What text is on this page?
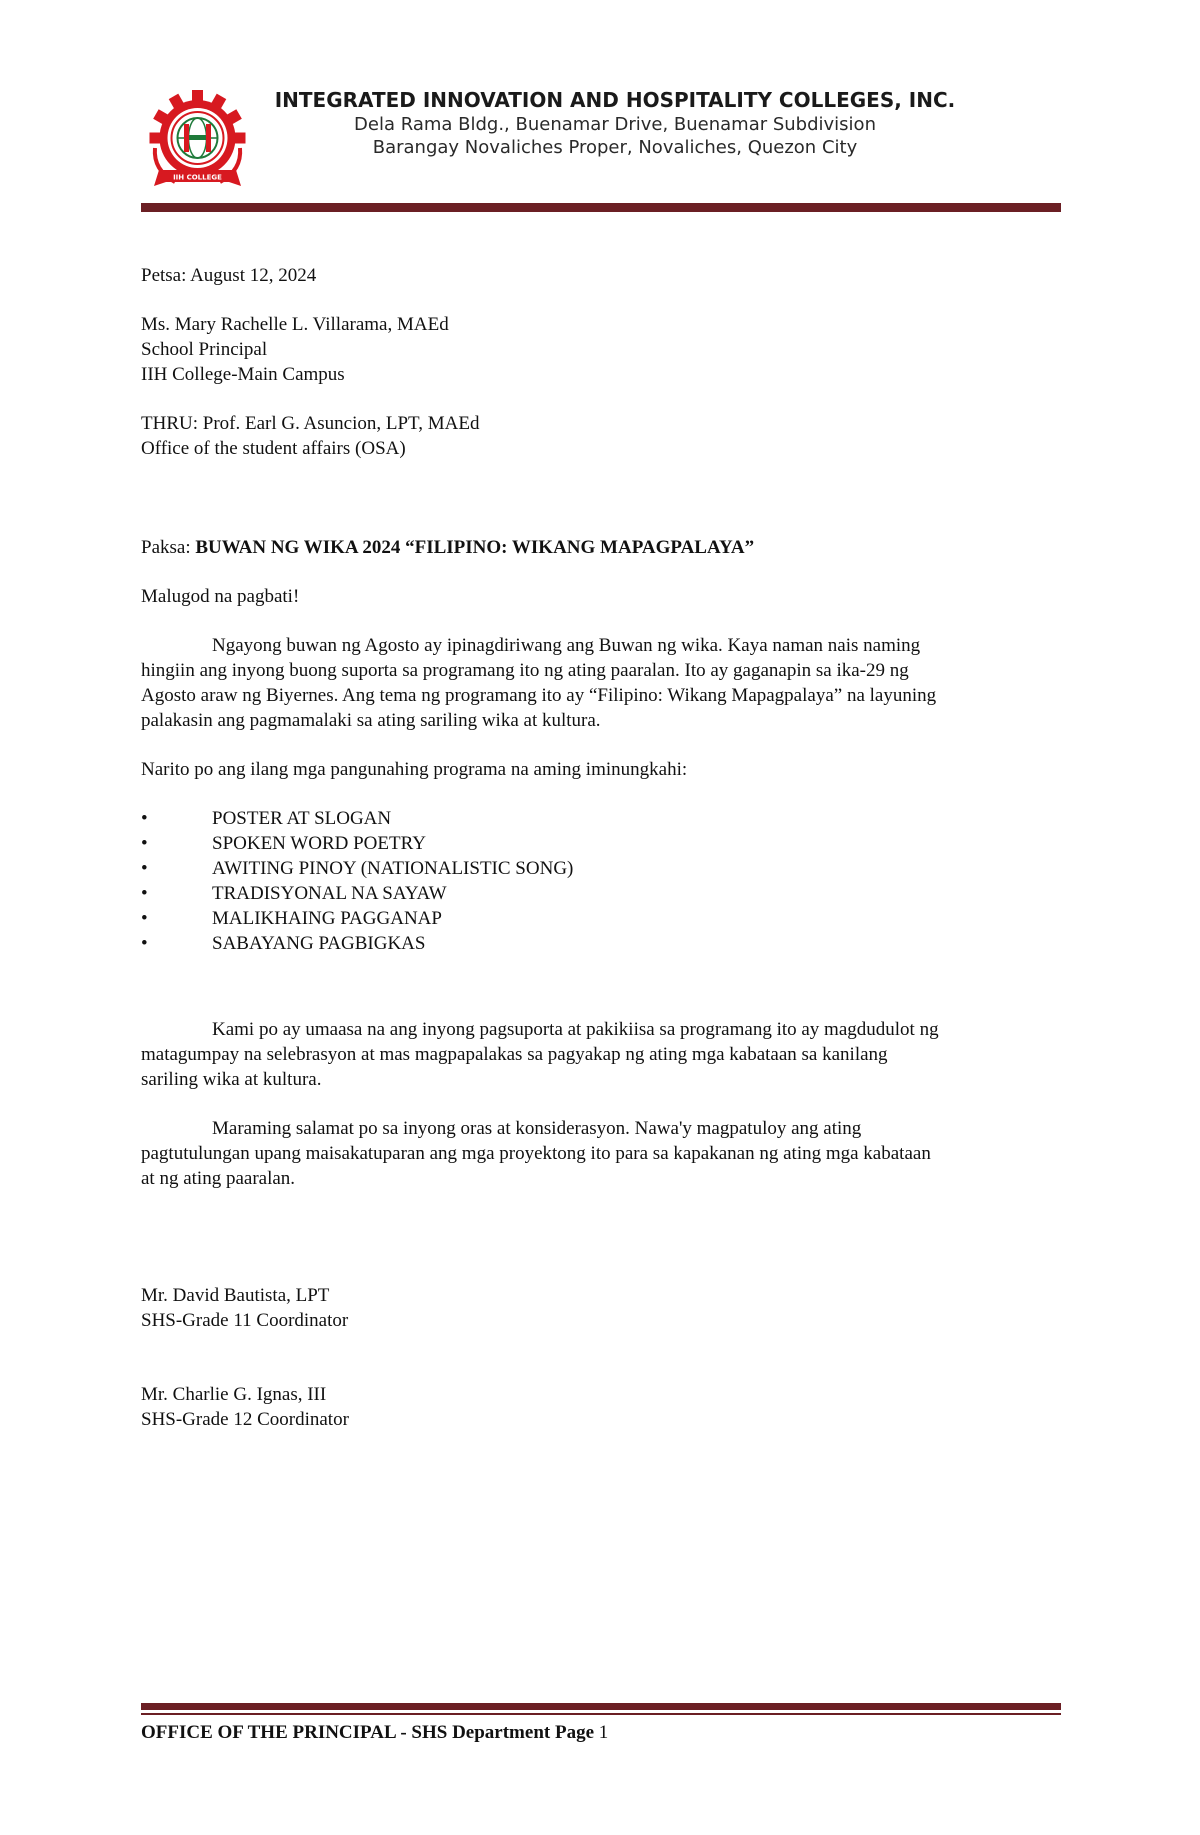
IIH COLLEGE
INTEGRATED INNOVATION AND HOSPITALITY COLLEGES, INC.
Dela Rama Bldg., Buenamar Drive, Buenamar Subdivision
Barangay Novaliches Proper, Novaliches, Quezon City
Petsa: August 12, 2024
Ms. Mary Rachelle L. Villarama, MAEd
School Principal
IIH College-Main Campus
THRU: Prof. Earl G. Asuncion, LPT, MAEd
Office of the student affairs (OSA)
Paksa: BUWAN NG WIKA 2024 “FILIPINO: WIKANG MAPAGPALAYA”
Malugod na pagbati!
Ngayong buwan ng Agosto ay ipinagdiriwang ang Buwan ng wika. Kaya naman nais naming
hingiin ang inyong buong suporta sa programang ito ng ating paaralan. Ito ay gaganapin sa ika-29 ng
Agosto araw ng Biyernes. Ang tema ng programang ito ay “Filipino: Wikang Mapagpalaya” na layuning
palakasin ang pagmamalaki sa ating sariling wika at kultura.
Narito po ang ilang mga pangunahing programa na aming iminungkahi:
•	POSTER AT SLOGAN
•	SPOKEN WORD POETRY
•	AWITING PINOY (NATIONALISTIC SONG)
•	TRADISYONAL NA SAYAW
•	MALIKHAING PAGGANAP
•	SABAYANG PAGBIGKAS
Kami po ay umaasa na ang inyong pagsuporta at pakikiisa sa programang ito ay magdudulot ng
matagumpay na selebrasyon at mas magpapalakas sa pagyakap ng ating mga kabataan sa kanilang
sariling wika at kultura.
Maraming salamat po sa inyong oras at konsiderasyon. Nawa'y magpatuloy ang ating
pagtutulungan upang maisakatuparan ang mga proyektong ito para sa kapakanan ng ating mga kabataan
at ng ating paaralan.
Mr. David Bautista, LPT
SHS-Grade 11 Coordinator
Mr. Charlie G. Ignas, III
SHS-Grade 12 Coordinator
OFFICE OF THE PRINCIPAL - SHS Department Page 1
